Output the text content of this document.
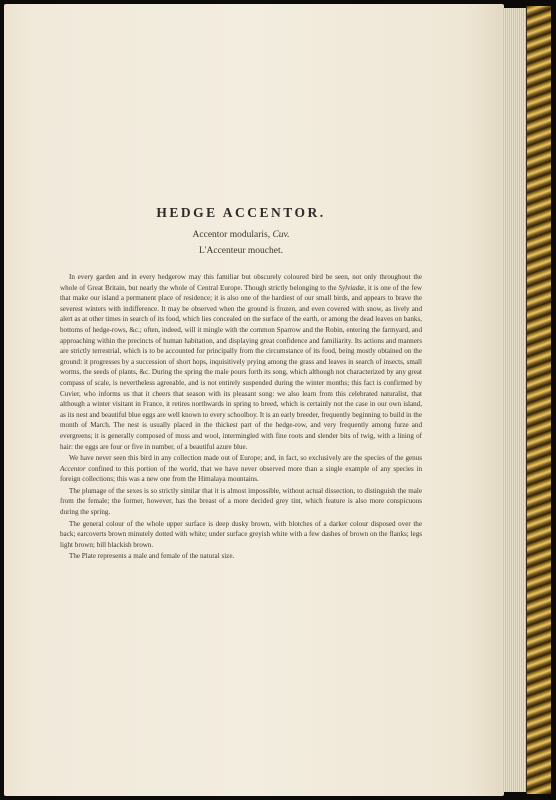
HEDGE ACCENTOR.
Accentor modularis, Cuv.
L'Accenteur mouchet.

In every garden and in every hedgerow may this familiar but obscurely coloured bird be seen, not only throughout the whole of Great Britain, but nearly the whole of Central Europe. Though strictly belonging to the Sylviadæ, it is one of the few that make our island a permanent place of residence; it is also one of the hardiest of our small birds, and appears to brave the severest winters with indifference. It may be observed when the ground is frozen, and even covered with snow, as lively and alert as at other times in search of its food, which lies concealed on the surface of the earth, or among the dead leaves on banks, bottoms of hedge-rows, &c.; often, indeed, will it mingle with the common Sparrow and the Robin, entering the farmyard, and approaching within the precincts of human habitation, and displaying great confidence and familiarity. Its actions and manners are strictly terrestrial, which is to be accounted for principally from the circumstance of its food, being mostly obtained on the ground: it progresses by a succession of short hops, inquisitively prying among the grass and leaves in search of insects, small worms, the seeds of plants, &c. During the spring the male pours forth its song, which although not characterized by any great compass of scale, is nevertheless agreeable, and is not entirely suspended during the winter months; this fact is confirmed by Cuvier, who informs us that it cheers that season with its pleasant song: we also learn from this celebrated naturalist, that although a winter visitant in France, it retires northwards in spring to breed, which is certainly not the case in our own island, as its nest and beautiful blue eggs are well known to every schoolboy. It is an early breeder, frequently beginning to build in the month of March. The nest is usually placed in the thickest part of the hedge-row, and very frequently among furze and evergreens; it is generally composed of moss and wool, intermingled with fine roots and slender bits of twig, with a lining of hair: the eggs are four or five in number, of a beautiful azure blue.

We have never seen this bird in any collection made out of Europe; and, in fact, so exclusively are the species of the genus Accentor confined to this portion of the world, that we have never observed more than a single example of any species in foreign collections; this was a new one from the Himalaya mountains.

The plumage of the sexes is so strictly similar that it is almost impossible, without actual dissection, to distinguish the male from the female; the former, however, has the breast of a more decided grey tint, which feature is also more conspicuous during the spring.

The general colour of the whole upper surface is deep dusky brown, with blotches of a darker colour disposed over the back; earcoverts brown minutely dotted with white; under surface greyish white with a few dashes of brown on the flanks; legs light brown; bill blackish brown.

The Plate represents a male and female of the natural size.
